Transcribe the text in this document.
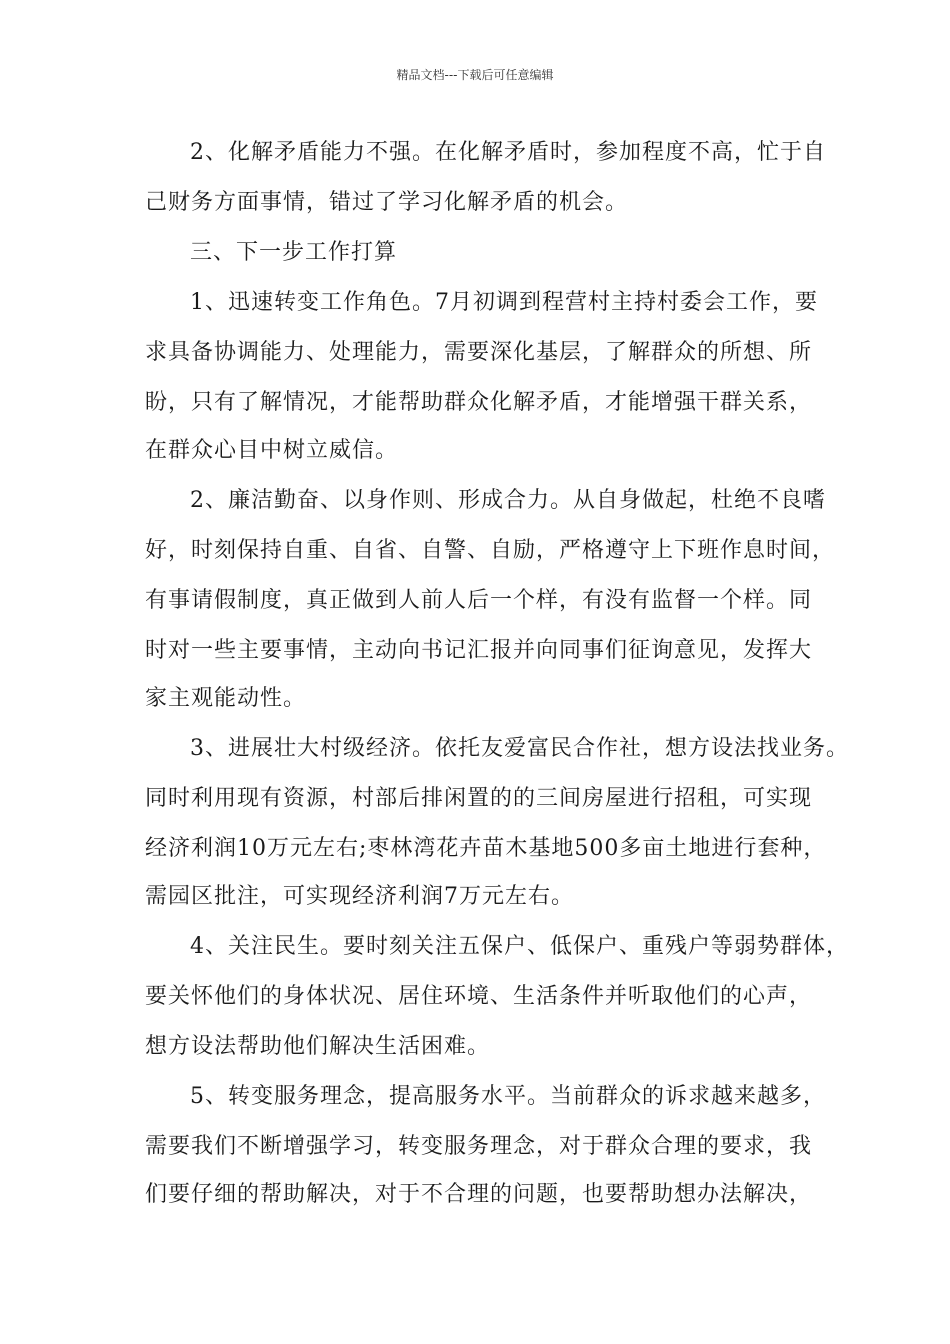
精品文档---下载后可任意编辑
2、化解矛盾能力不强。在化解矛盾时，参加程度不高，忙于自
己财务方面事情，错过了学习化解矛盾的机会。
三、下一步工作打算
1、迅速转变工作角色。7月初调到程营村主持村委会工作，要
求具备协调能力、处理能力，需要深化基层，了解群众的所想、所
盼，只有了解情况，才能帮助群众化解矛盾，才能增强干群关系，
在群众心目中树立威信。
2、廉洁勤奋、以身作则、形成合力。从自身做起，杜绝不良嗜
好，时刻保持自重、自省、自警、自励，严格遵守上下班作息时间，
有事请假制度，真正做到人前人后一个样，有没有监督一个样。同
时对一些主要事情，主动向书记汇报并向同事们征询意见，发挥大
家主观能动性。
3、进展壮大村级经济。依托友爱富民合作社，想方设法找业务。
同时利用现有资源，村部后排闲置的的三间房屋进行招租，可实现
经济利润10万元左右;枣林湾花卉苗木基地500多亩土地进行套种，
需园区批注，可实现经济利润7万元左右。
4、关注民生。要时刻关注五保户、低保户、重残户等弱势群体，
要关怀他们的身体状况、居住环境、生活条件并听取他们的心声，
想方设法帮助他们解决生活困难。
5、转变服务理念，提高服务水平。当前群众的诉求越来越多，
需要我们不断增强学习，转变服务理念，对于群众合理的要求，我
们要仔细的帮助解决，对于不合理的问题，也要帮助想办法解决，
